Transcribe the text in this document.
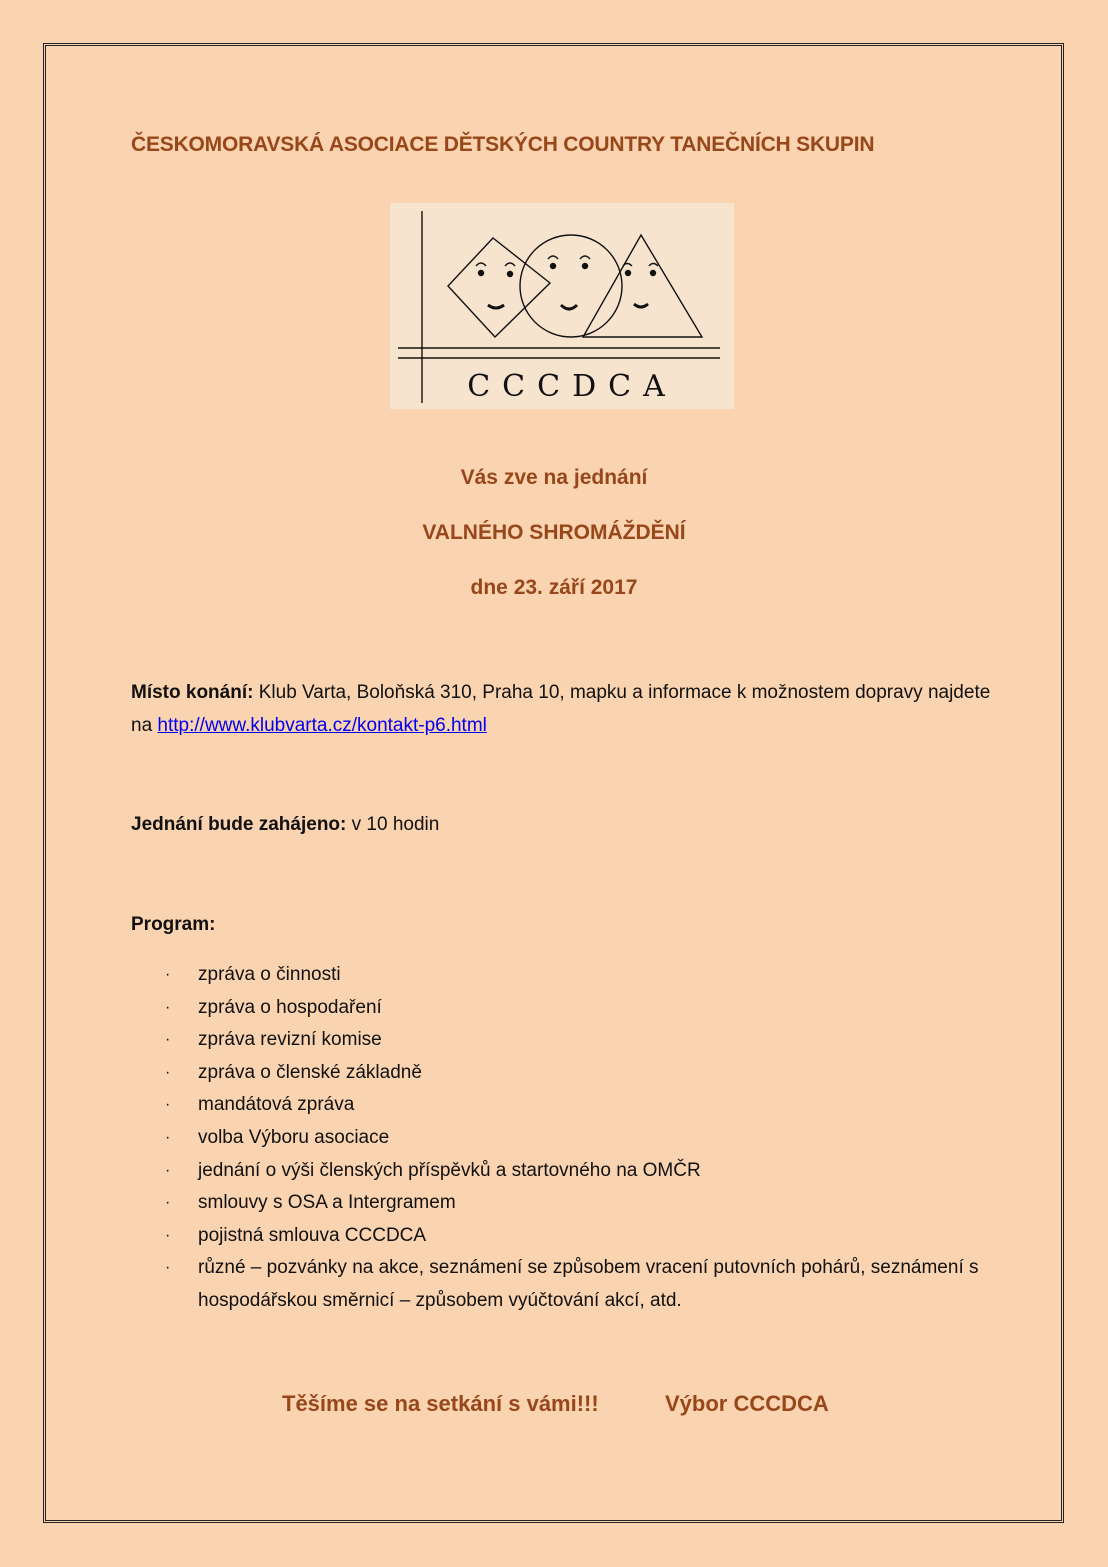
ČESKOMORAVSKÁ ASOCIACE DĚTSKÝCH COUNTRY TANEČNÍCH SKUPIN
CCCDCA
Vás zve na jednání
VALNÉHO SHROMÁŽDĚNÍ
dne 23. září 2017
Místo konání: Klub Varta, Boloňská 310, Praha 10, mapku a informace k možnostem dopravy najdete na http://www.klubvarta.cz/kontakt-p6.html
Jednání bude zahájeno: v 10 hodin
Program:
· zpráva o činnosti
· zpráva o hospodaření
· zpráva revizní komise
· zpráva o členské základně
· mandátová zpráva
· volba Výboru asociace
· jednání o výši členských příspěvků a startovného na OMČR
· smlouvy s OSA a Intergramem
· pojistná smlouva CCCDCA
· různé – pozvánky na akce, seznámení se způsobem vracení putovních pohárů, seznámení s hospodářskou směrnicí – způsobem vyúčtování akcí, atd.
Těšíme se na setkání s vámi!!!	Výbor CCCDCA
